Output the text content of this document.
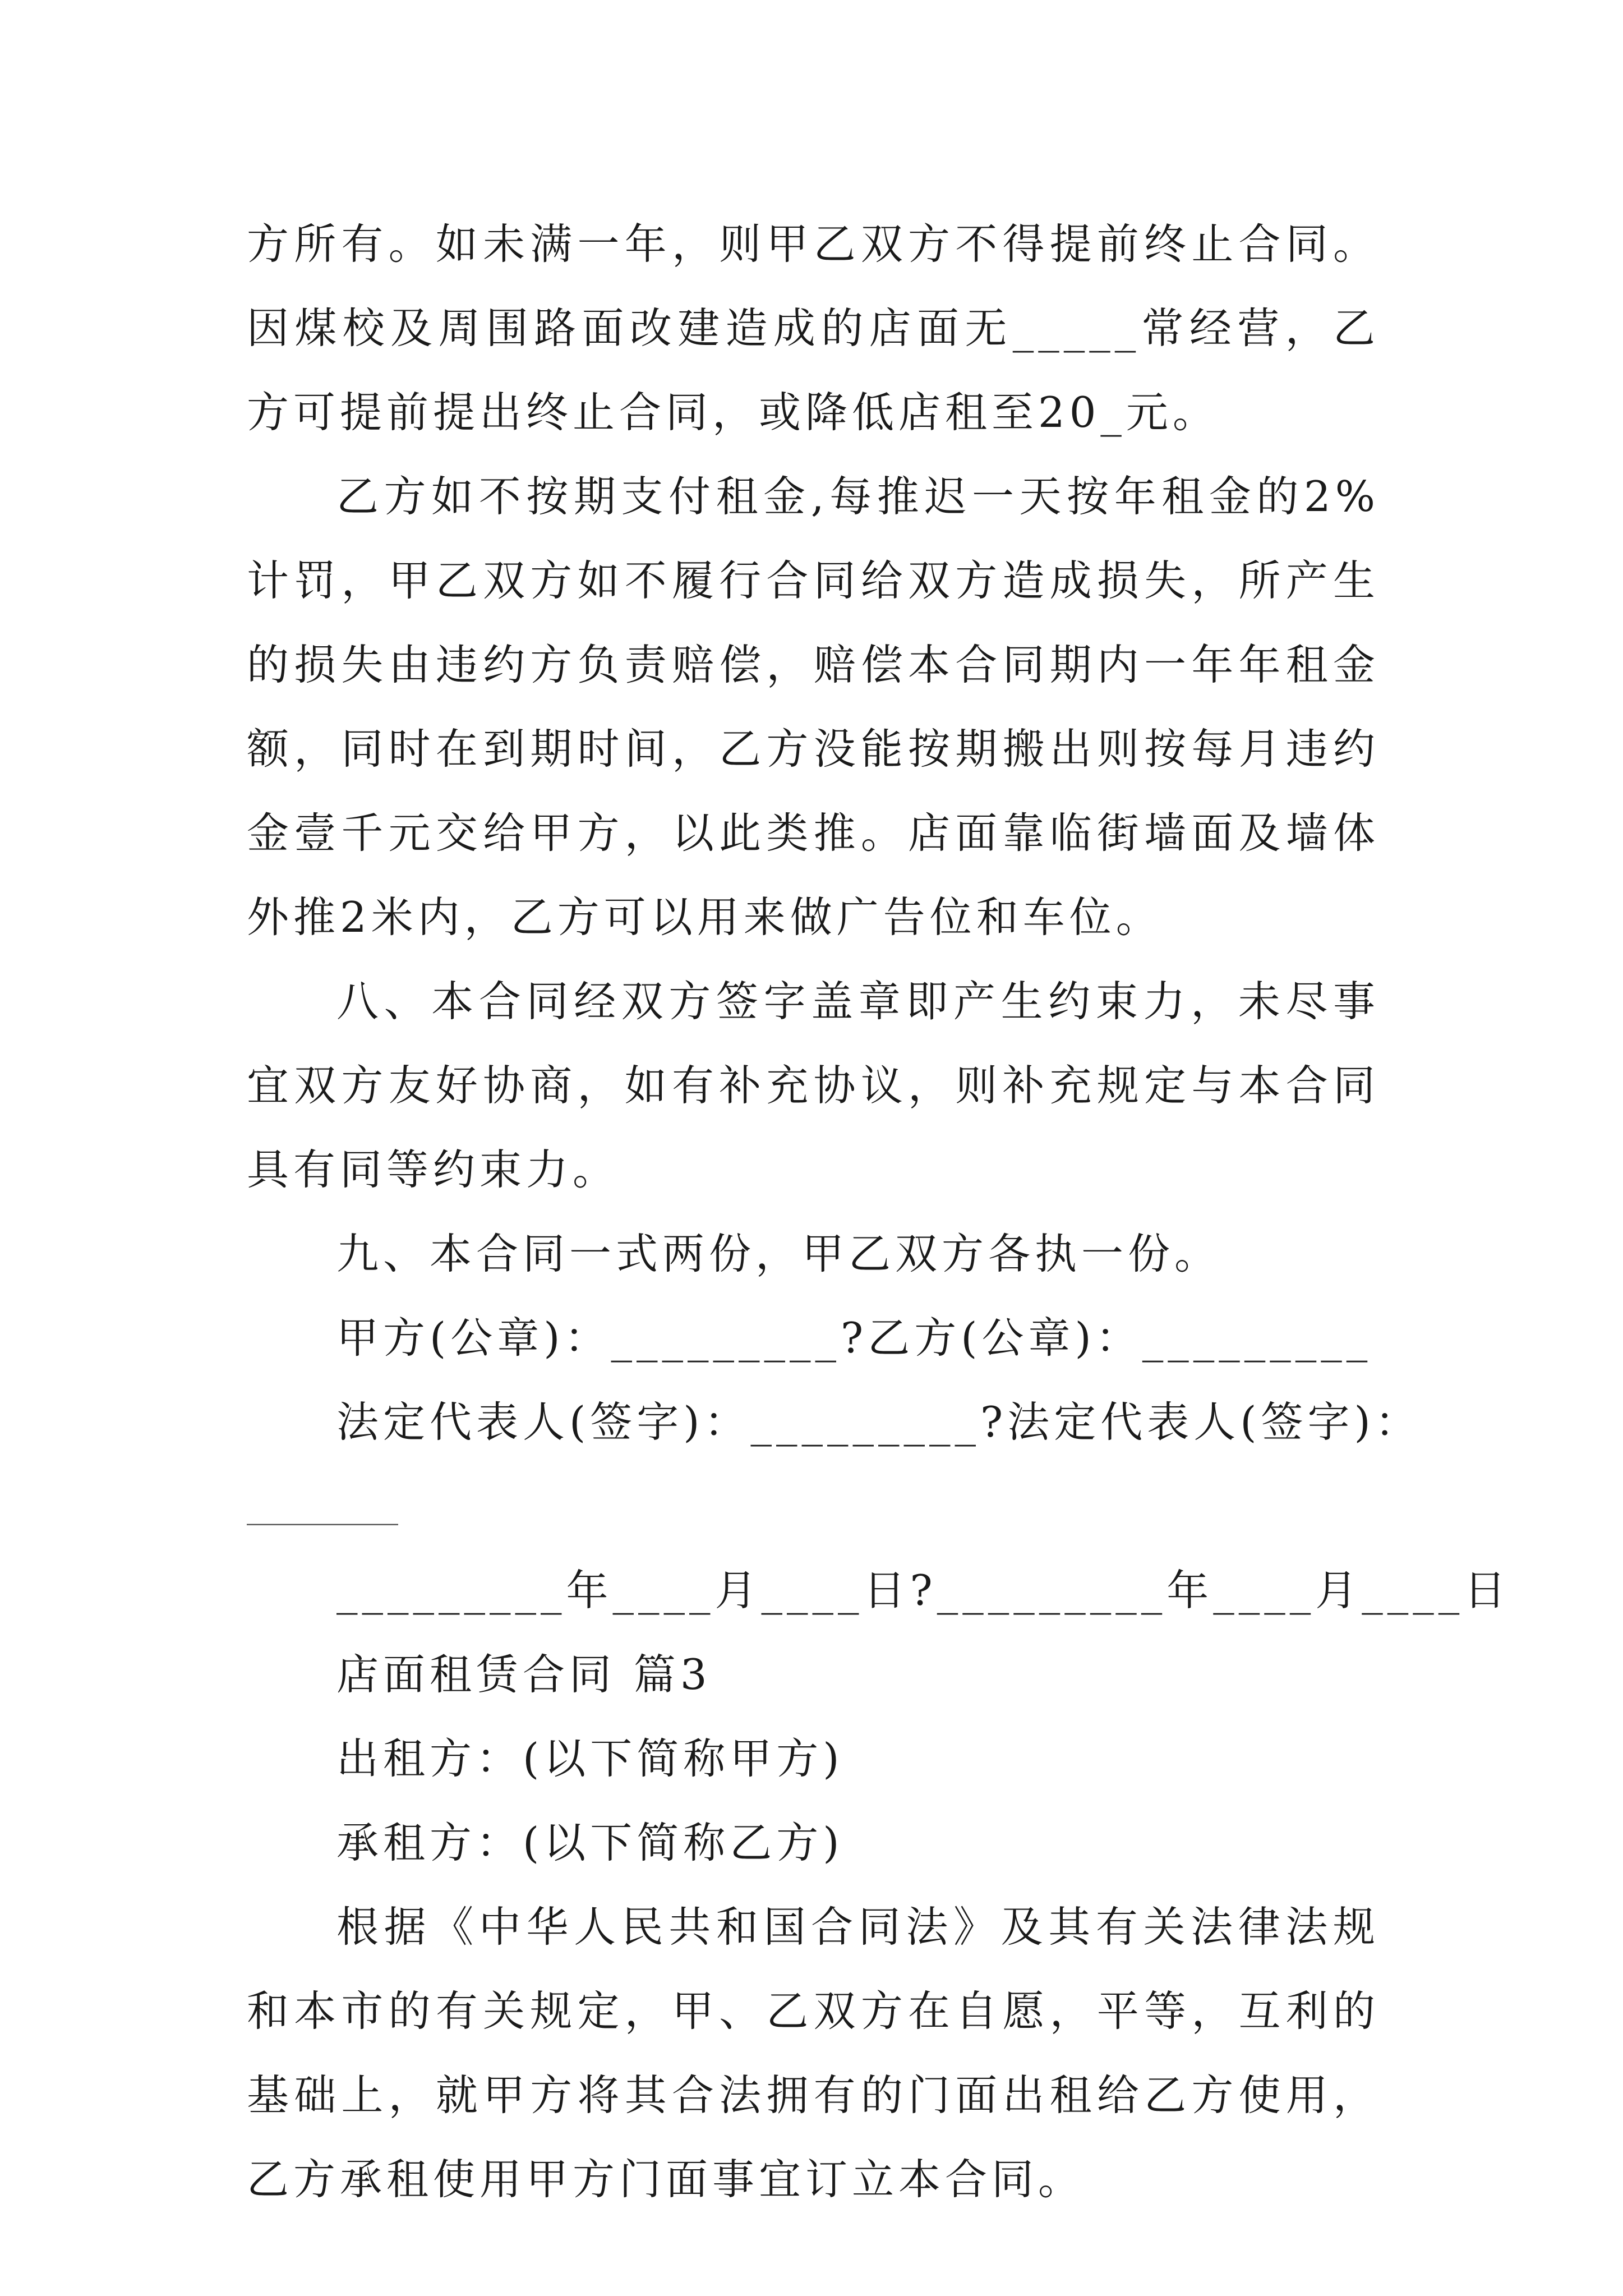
方所有。如未满一年，则甲乙双方不得提前终止合同。因煤校及周围路面改建造成的店面无_____常经营，乙方可提前提出终止合同，或降低店租至20_元。

乙方如不按期支付租金,每推迟一天按年租金的2%计罚，甲乙双方如不履行合同给双方造成损失，所产生的损失由违约方负责赔偿，赔偿本合同期内一年年租金额，同时在到期时间，乙方没能按期搬出则按每月违约金壹千元交给甲方，以此类推。店面靠临街墙面及墙体外推2米内，乙方可以用来做广告位和车位。

八、本合同经双方签字盖章即产生约束力，未尽事宜双方友好协商，如有补充协议，则补充规定与本合同具有同等约束力。

九、本合同一式两份，甲乙双方各执一份。

甲方(公章)：_________?乙方(公章)：_________

法定代表人(签字)：_________?法定代表人(签字)：

_________

_________年____月____日?_________年____月____日

店面租赁合同 篇3

出租方：(以下简称甲方)

承租方：(以下简称乙方)

根据《中华人民共和国合同法》及其有关法律法规和本市的有关规定，甲、乙双方在自愿，平等，互利的基础上，就甲方将其合法拥有的门面出租给乙方使用，乙方承租使用甲方门面事宜订立本合同。
